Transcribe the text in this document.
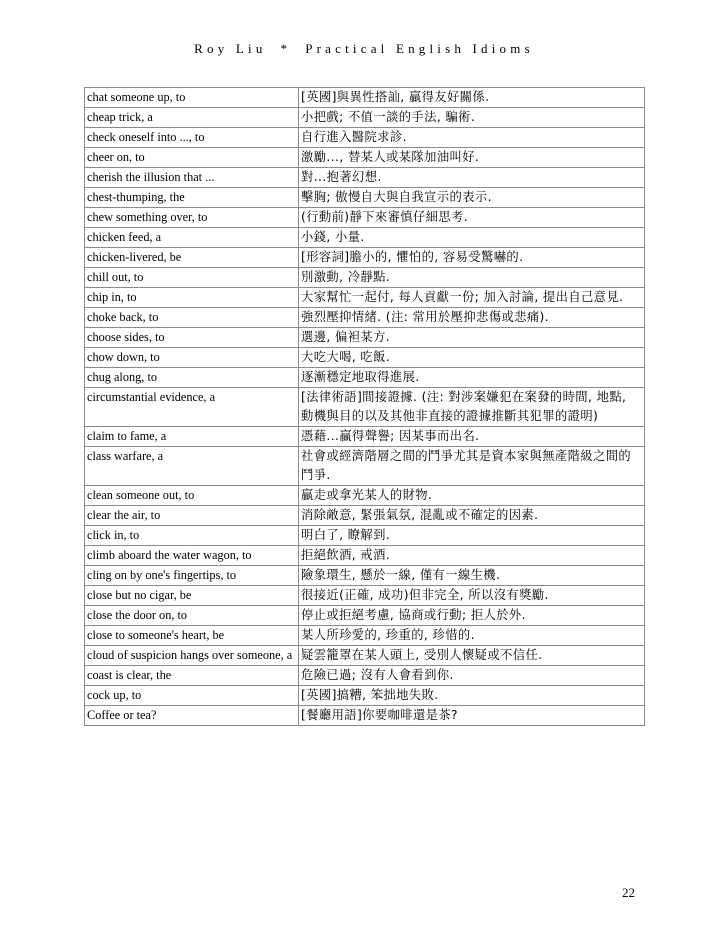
Roy Liu * Practical English Idioms
chat someone up, to	[英國]與異性搭訕, 贏得友好關係.
cheap trick, a	小把戲; 不值一談的手法, 騙術.
check oneself into ..., to	自行進入醫院求診.
cheer on, to	激勵..., 替某人或某隊加油叫好.
cherish the illusion that ...	對...抱著幻想.
chest-thumping, the	擊胸; 傲慢自大與自我宣示的表示.
chew something over, to	(行動前)靜下來審慎仔細思考.
chicken feed, a	小錢, 小量.
chicken-livered, be	[形容詞]膽小的, 懼怕的, 容易受驚嚇的.
chill out, to	別激動, 冷靜點.
chip in, to	大家幫忙一起付, 每人貢獻一份; 加入討論, 提出自己意見.
choke back, to	強烈壓抑情緒. (注: 常用於壓抑悲傷或悲痛).
choose sides, to	選邊, 偏袒某方.
chow down, to	大吃大喝, 吃飯.
chug along, to	逐漸穩定地取得進展.
circumstantial evidence, a	[法律術語]間接證據. (注: 對涉案嫌犯在案發的時間, 地點, 動機與目的以及其他非直接的證據推斷其犯罪的證明)
claim to fame, a	憑藉...贏得聲譽; 因某事而出名.
class warfare, a	社會或經濟階層之間的鬥爭尤其是資本家與無產階級之間的鬥爭.
clean someone out, to	贏走或拿光某人的財物.
clear the air, to	消除敵意, 緊張氣氛, 混亂或不確定的因素.
click in, to	明白了, 瞭解到.
climb aboard the water wagon, to	拒絕飲酒, 戒酒.
cling on by one's fingertips, to	險象環生, 懸於一線, 僅有一線生機.
close but no cigar, be	很接近(正確, 成功)但非完全, 所以沒有獎勵.
close the door on, to	停止或拒絕考慮, 協商或行動; 拒人於外.
close to someone's heart, be	某人所珍愛的, 珍重的, 珍惜的.
cloud of suspicion hangs over someone, a	疑雲籠罩在某人頭上, 受別人懷疑或不信任.
coast is clear, the	危險已過; 沒有人會看到你.
cock up, to	[英國]搞糟, 笨拙地失敗.
Coffee or tea?	[餐廳用語]你要咖啡還是茶?
22
